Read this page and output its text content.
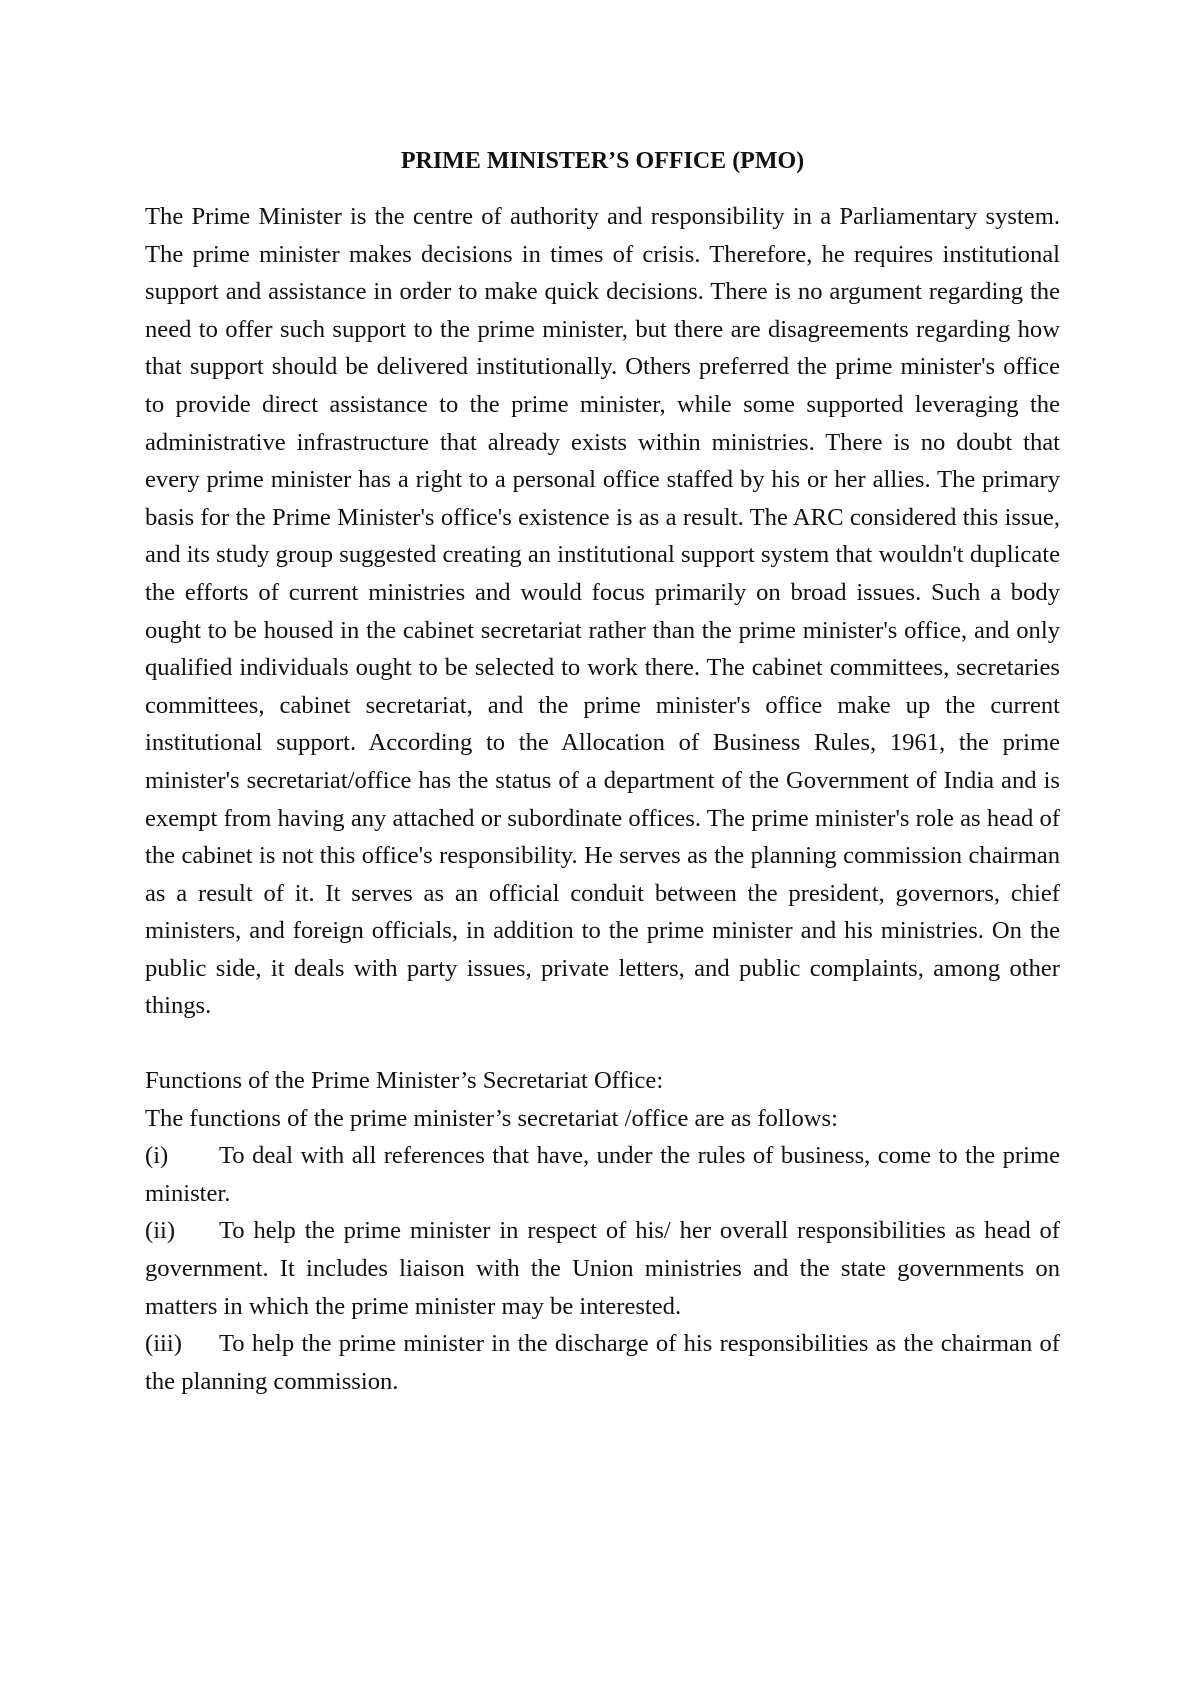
PRIME MINISTER’S OFFICE (PMO)

The Prime Minister is the centre of authority and responsibility in a Parliamentary system. The prime minister makes decisions in times of crisis. Therefore, he requires institutional support and assistance in order to make quick decisions. There is no argument regarding the need to offer such support to the prime minister, but there are disagreements regarding how that support should be delivered institutionally. Others preferred the prime minister's office to provide direct assistance to the prime minister, while some supported leveraging the administrative infrastructure that already exists within ministries. There is no doubt that every prime minister has a right to a personal office staffed by his or her allies. The primary basis for the Prime Minister's office's existence is as a result. The ARC considered this issue, and its study group suggested creating an institutional support system that wouldn't duplicate the efforts of current ministries and would focus primarily on broad issues. Such a body ought to be housed in the cabinet secretariat rather than the prime minister's office, and only qualified individuals ought to be selected to work there. The cabinet committees, secretaries committees, cabinet secretariat, and the prime minister's office make up the current institutional support. According to the Allocation of Business Rules, 1961, the prime minister's secretariat/office has the status of a department of the Government of India and is exempt from having any attached or subordinate offices. The prime minister's role as head of the cabinet is not this office's responsibility. He serves as the planning commission chairman as a result of it. It serves as an official conduit between the president, governors, chief ministers, and foreign officials, in addition to the prime minister and his ministries. On the public side, it deals with party issues, private letters, and public complaints, among other things.

Functions of the Prime Minister’s Secretariat Office:

The functions of the prime minister’s secretariat /office are as follows:

(i) To deal with all references that have, under the rules of business, come to the prime minister.

(ii) To help the prime minister in respect of his/ her overall responsibilities as head of government. It includes liaison with the Union ministries and the state governments on matters in which the prime minister may be interested.

(iii) To help the prime minister in the discharge of his responsibilities as the chairman of the planning commission.
